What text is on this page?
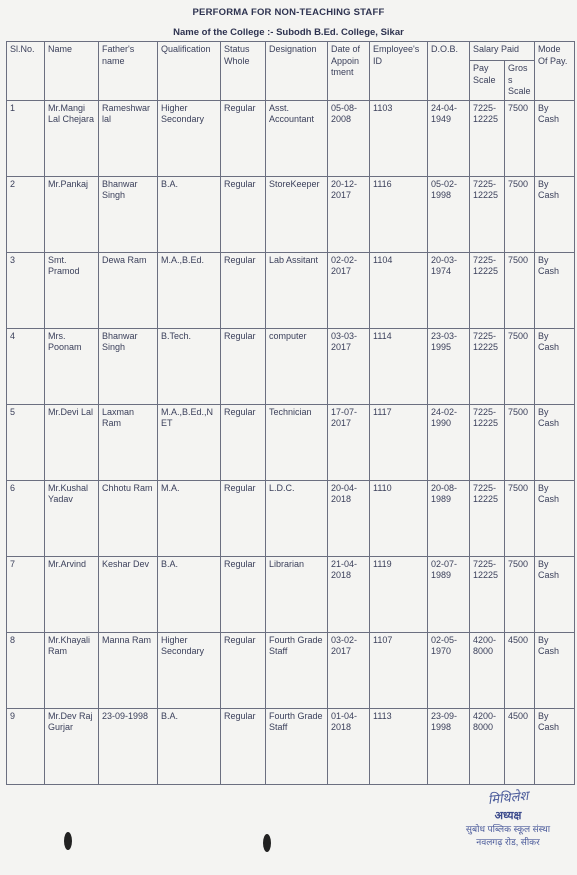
PERFORMA FOR NON-TEACHING STAFF
Name of the College :- Subodh B.Ed. College, Sikar
Sl.No.	Name	Father's name	Qualification	Status Whole	Designation	Date of Appoin tment	Employee's ID	D.O.B.	Salary Paid		Mode Of Pay.
									Pay Scale	Gross Scale	
1	Mr.Mangi Lal Chejara	Rameshwar lal	Higher Secondary	Regular	Asst. Accountant	05-08-2008	1103	24-04-1949	7225-12225	7500	By Cash
2	Mr.Pankaj	Bhanwar Singh	B.A.	Regular	StoreKeeper	20-12-2017	1116	05-02-1998	7225-12225	7500	By Cash
3	Smt. Pramod	Dewa Ram	M.A.,B.Ed.	Regular	Lab Assitant	02-02-2017	1104	20-03-1974	7225-12225	7500	By Cash
4	Mrs. Poonam	Bhanwar Singh	B.Tech.	Regular	computer	03-03-2017	1114	23-03-1995	7225-12225	7500	By Cash
5	Mr.Devi Lal	Laxman Ram	M.A.,B.Ed.,NET	Regular	Technician	17-07-2017	1117	24-02-1990	7225-12225	7500	By Cash
6	Mr.Kushal Yadav	Chhotu Ram	M.A.	Regular	L.D.C.	20-04-2018	1110	20-08-1989	7225-12225	7500	By Cash
7	Mr.Arvind	Keshar Dev	B.A.	Regular	Librarian	21-04-2018	1119	02-07-1989	7225-12225	7500	By Cash
8	Mr.Khayali Ram	Manna Ram	Higher Secondary	Regular	Fourth Grade Staff	03-02-2017	1107	02-05-1970	4200-8000	4500	By Cash
9	Mr.Dev Raj Gurjar	23-09-1998	B.A.	Regular	Fourth Grade Staff	01-04-2018	1113	23-09-1998	4200-8000	4500	By Cash
मिथिलेश
अध्यक्ष
सुबोध पब्लिक स्कूल संस्था
नवलगढ़ रोड, सीकर
